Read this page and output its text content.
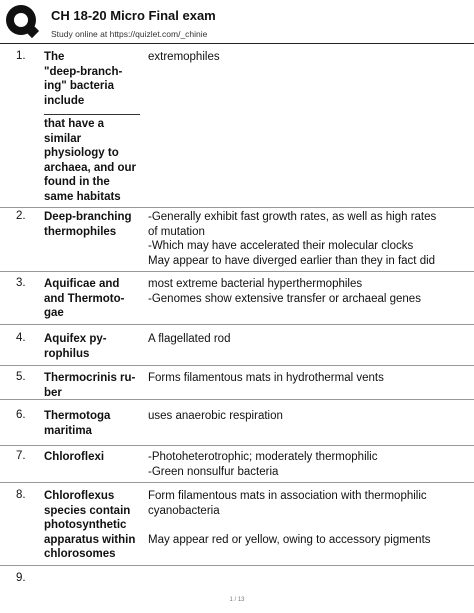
CH 18-20 Micro Final exam
Study online at https://quizlet.com/_chinie
1. The
"deep-branch-
ing" bacteria
include
that have a
similar
physiology to
archaea, and our
found in the
same habitats
extremophiles
2. Deep-branching
thermophiles
-Generally exhibit fast growth rates, as well as high rates
of mutation
-Which may have accelerated their molecular clocks
May appear to have diverged earlier than they in fact did
3. Aquificae and
and Thermoto-
gae
most extreme bacterial hyperthermophiles
-Genomes show extensive transfer or archaeal genes
4. Aquifex py-
rophilus
A flagellated rod
5. Thermocrinis ru-
ber
Forms filamentous mats in hydrothermal vents
6. Thermotoga
maritima
uses anaerobic respiration
7. Chloroflexi	-Photoheterotrophic; moderately thermophilic
-Green nonsulfur bacteria
8. Chloroflexus
species contain
photosynthetic
apparatus within
chlorosomes
Form filamentous mats in association with thermophilic
cyanobacteria

May appear red or yellow, owing to accessory pigments
9.
1 / 13
